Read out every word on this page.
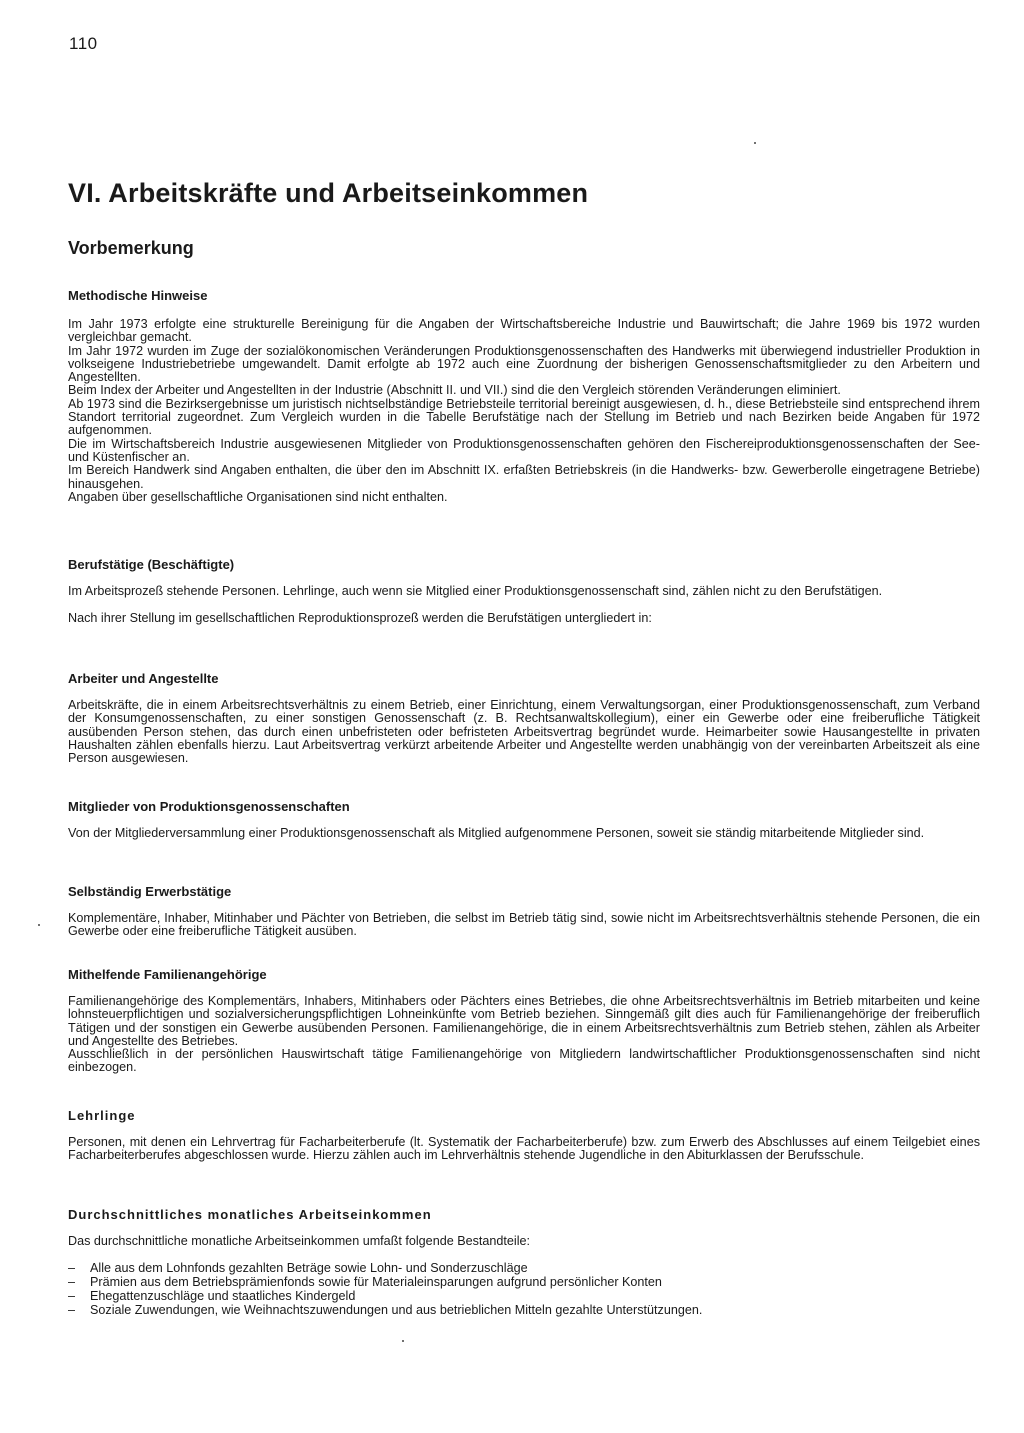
110
VI. Arbeitskräfte und Arbeitseinkommen
Vorbemerkung
Methodische Hinweise

Im Jahr 1973 erfolgte eine strukturelle Bereinigung für die Angaben der Wirtschaftsbereiche Industrie und Bauwirtschaft; die Jahre 1969 bis 1972 wurden vergleichbar gemacht.

Im Jahr 1972 wurden im Zuge der sozialökonomischen Veränderungen Produktionsgenossenschaften des Handwerks mit überwiegend industrieller Produktion in volkseigene Industriebetriebe umgewandelt. Damit erfolgte ab 1972 auch eine Zuordnung der bisherigen Genossenschaftsmitglieder zu den Arbeitern und Angestellten.

Beim Index der Arbeiter und Angestellten in der Industrie (Abschnitt II. und VII.) sind die den Vergleich störenden Veränderungen eliminiert.

Ab 1973 sind die Bezirksergebnisse um juristisch nichtselbständige Betriebsteile territorial bereinigt ausgewiesen, d. h., diese Betriebsteile sind entsprechend ihrem Standort territorial zugeordnet. Zum Vergleich wurden in die Tabelle Berufstätige nach der Stellung im Betrieb und nach Bezirken beide Angaben für 1972 aufgenommen.

Die im Wirtschaftsbereich Industrie ausgewiesenen Mitglieder von Produktionsgenossenschaften gehören den Fischereiproduktionsgenossenschaften der See- und Küstenfischer an.

Im Bereich Handwerk sind Angaben enthalten, die über den im Abschnitt IX. erfaßten Betriebskreis (in die Handwerks- bzw. Gewerberolle eingetragene Betriebe) hinausgehen.

Angaben über gesellschaftliche Organisationen sind nicht enthalten.

Berufstätige (Beschäftigte)

Im Arbeitsprozeß stehende Personen. Lehrlinge, auch wenn sie Mitglied einer Produktionsgenossenschaft sind, zählen nicht zu den Berufstätigen.

Nach ihrer Stellung im gesellschaftlichen Reproduktionsprozeß werden die Berufstätigen untergliedert in:

Arbeiter und Angestellte

Arbeitskräfte, die in einem Arbeitsrechtsverhältnis zu einem Betrieb, einer Einrichtung, einem Verwaltungsorgan, einer Produktionsgenossenschaft, zum Verband der Konsumgenossenschaften, zu einer sonstigen Genossenschaft (z. B. Rechtsanwaltskollegium), einer ein Gewerbe oder eine freiberufliche Tätigkeit ausübenden Person stehen, das durch einen unbefristeten oder befristeten Arbeitsvertrag begründet wurde. Heimarbeiter sowie Hausangestellte in privaten Haushalten zählen ebenfalls hierzu. Laut Arbeitsvertrag verkürzt arbeitende Arbeiter und Angestellte werden unabhängig von der vereinbarten Arbeitszeit als eine Person ausgewiesen.

Mitglieder von Produktionsgenossenschaften

Von der Mitgliederversammlung einer Produktionsgenossenschaft als Mitglied aufgenommene Personen, soweit sie ständig mitarbeitende Mitglieder sind.

Selbständig Erwerbstätige

Komplementäre, Inhaber, Mitinhaber und Pächter von Betrieben, die selbst im Betrieb tätig sind, sowie nicht im Arbeitsrechtsverhältnis stehende Personen, die ein Gewerbe oder eine freiberufliche Tätigkeit ausüben.

Mithelfende Familienangehörige

Familienangehörige des Komplementärs, Inhabers, Mitinhabers oder Pächters eines Betriebes, die ohne Arbeitsrechtsverhältnis im Betrieb mitarbeiten und keine lohnsteuerpflichtigen und sozialversicherungspflichtigen Lohneinkünfte vom Betrieb beziehen. Sinngemäß gilt dies auch für Familienangehörige der freiberuflich Tätigen und der sonstigen ein Gewerbe ausübenden Personen. Familienangehörige, die in einem Arbeitsrechtsverhältnis zum Betrieb stehen, zählen als Arbeiter und Angestellte des Betriebes.

Ausschließlich in der persönlichen Hauswirtschaft tätige Familienangehörige von Mitgliedern landwirtschaftlicher Produktionsgenossenschaften sind nicht einbezogen.

Lehrlinge

Personen, mit denen ein Lehrvertrag für Facharbeiterberufe (lt. Systematik der Facharbeiterberufe) bzw. zum Erwerb des Abschlusses auf einem Teilgebiet eines Facharbeiterberufes abgeschlossen wurde. Hierzu zählen auch im Lehrverhältnis stehende Jugendliche in den Abiturklassen der Berufsschule.

Durchschnittliches monatliches Arbeitseinkommen

Das durchschnittliche monatliche Arbeitseinkommen umfaßt folgende Bestandteile:

– Alle aus dem Lohnfonds gezahlten Beträge sowie Lohn- und Sonderzuschläge
– Prämien aus dem Betriebsprämienfonds sowie für Materialeinsparungen aufgrund persönlicher Konten
– Ehegattenzuschläge und staatliches Kindergeld
– Soziale Zuwendungen, wie Weihnachtszuwendungen und aus betrieblichen Mitteln gezahlte Unterstützungen.
